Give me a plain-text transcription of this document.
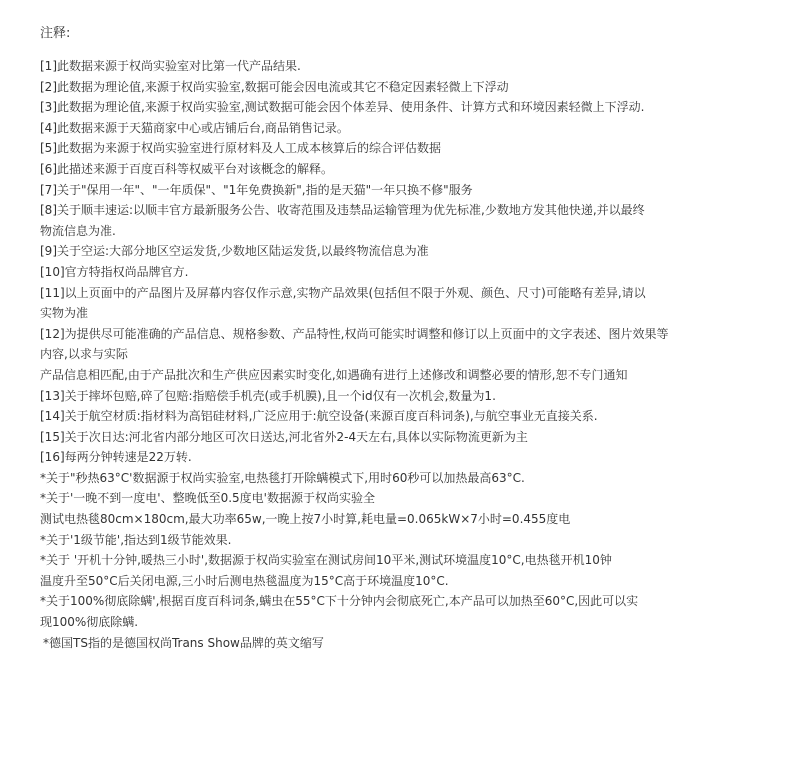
注释:
[1]此数据来源于权尚实验室对比第一代产品结果.
[2]此数据为理论值,来源于权尚实验室,数据可能会因电流或其它不稳定因素轻微上下浮动
[3]此数据为理论值,来源于权尚实验室,测试数据可能会因个体差异、使用条件、计算方式和环境因素轻微上下浮动.
[4]此数据来源于天猫商家中心或店铺后台,商品销售记录。
[5]此数据为来源于权尚实验室进行原材料及人工成本核算后的综合评估数据
[6]此描述来源于百度百科等权威平台对该概念的解释。
[7]关于"保用一年"、"一年质保"、"1年免费换新",指的是天猫"一年只换不修"服务
[8]关于顺丰速运:以顺丰官方最新服务公告、收寄范围及违禁品运输管理为优先标准,少数地方发其他快递,并以最终
物流信息为准.
[9]关于空运:大部分地区空运发货,少数地区陆运发货,以最终物流信息为准
[10]官方特指权尚品牌官方.
[11]以上页面中的产品图片及屏幕内容仅作示意,实物产品效果(包括但不限于外观、颜色、尺寸)可能略有差异,请以
实物为准
[12]为提供尽可能准确的产品信息、规格参数、产品特性,权尚可能实时调整和修订以上页面中的文字表述、图片效果等
内容,以求与实际
产品信息相匹配,由于产品批次和生产供应因素实时变化,如遇确有进行上述修改和调整必要的情形,恕不专门通知
[13]关于摔坏包赔,碎了包赔:指赔偿手机壳(或手机膜),且一个id仅有一次机会,数量为1.
[14]关于航空材质:指材料为高铝硅材料,广泛应用于:航空设备(来源百度百科词条),与航空事业无直接关系.
[15]关于次日达:河北省内部分地区可次日送达,河北省外2-4天左右,具体以实际物流更新为主
[16]每两分钟转速是22万转.
*关于"秒热63°C'数据源于权尚实验室,电热毯打开除螨模式下,用时60秒可以加热最高63°C.
*关于'一晚不到一度电'、整晚低至0.5度电'数据源于权尚实验全
测试电热毯80cm×180cm,最大功率65w,一晚上按7小时算,耗电量=0.065kW×7小时=0.455度电
*关于'1级节能',指达到1级节能效果.
*关于 '开机十分钟,暖热三小时',数据源于权尚实验室在测试房间10平米,测试环境温度10°C,电热毯开机10钟
温度升至50°C后关闭电源,三小时后测电热毯温度为15°C高于环境温度10°C.
*关于100%彻底除螨',根据百度百科词条,螨虫在55°C下十分钟内会彻底死亡,本产品可以加热至60°C,因此可以实
现100%彻底除螨.
*德国TS指的是德国权尚Trans Show品牌的英文缩写
